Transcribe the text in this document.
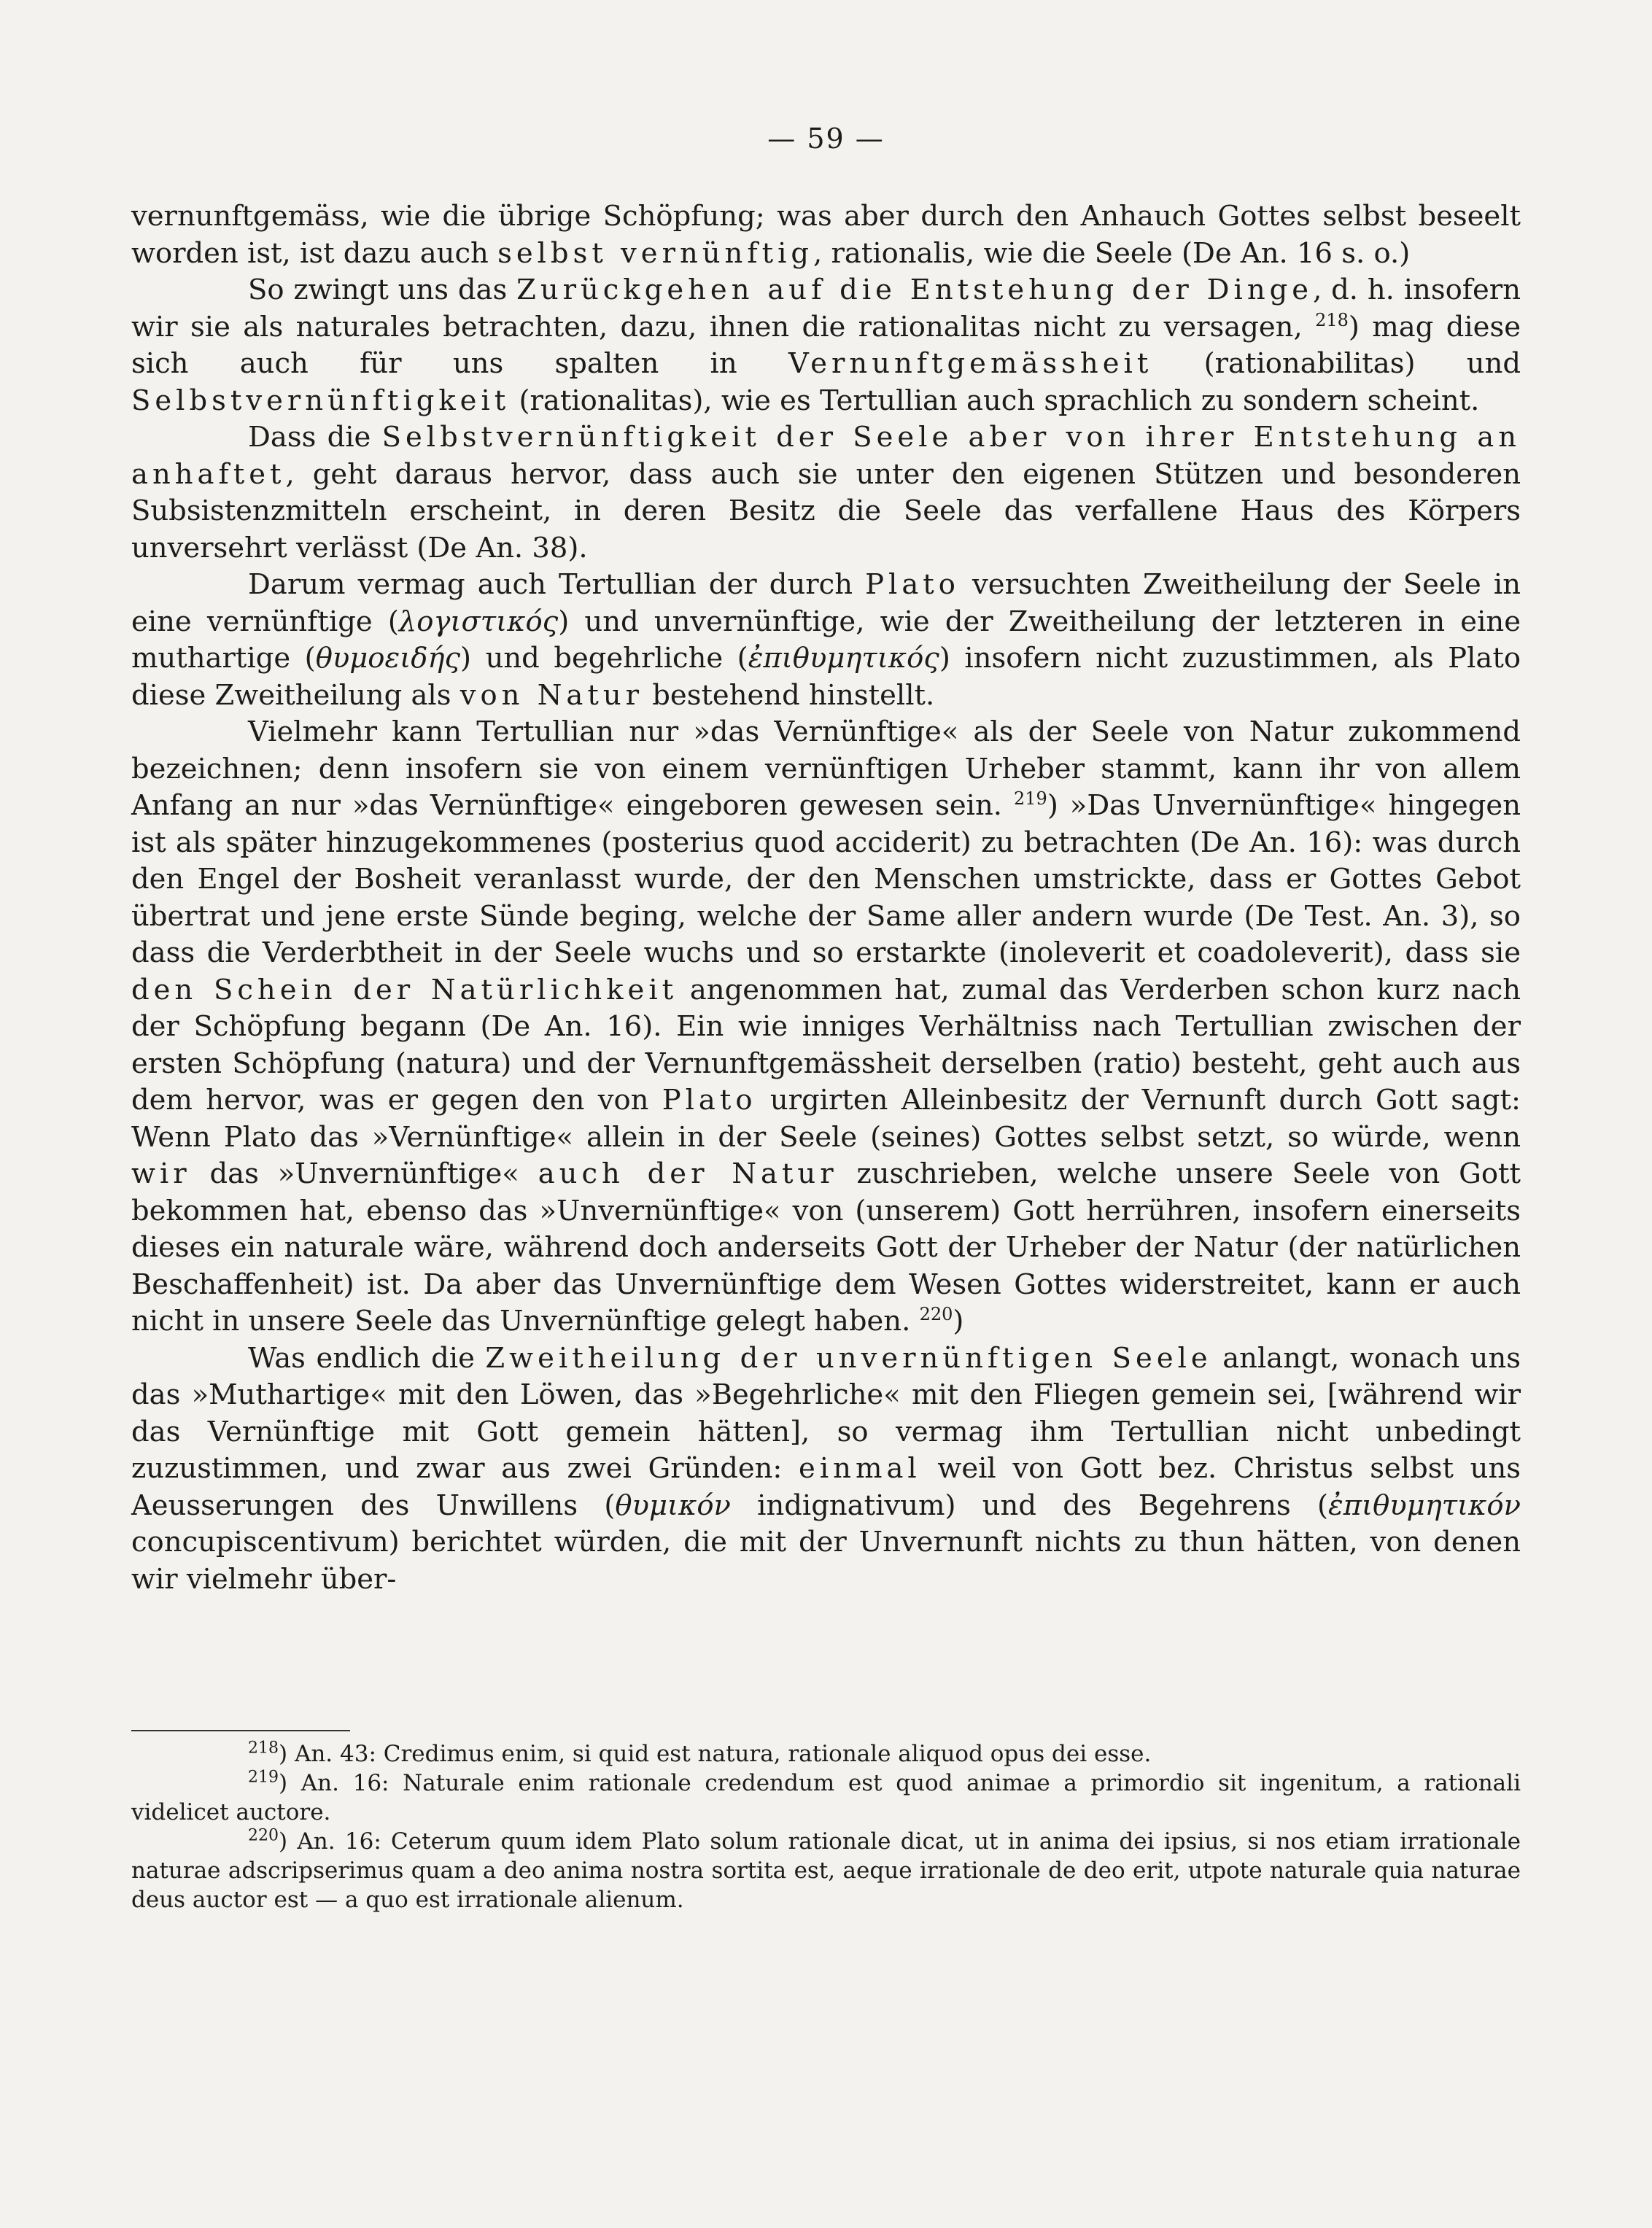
— 59 —

vernunftgemäss, wie die übrige Schöpfung; was aber durch den Anhauch Gottes selbst beseelt worden ist, ist dazu auch selbst vernünftig, rationalis, wie die Seele (De An. 16 s. o.)

So zwingt uns das Zurückgehen auf die Entstehung der Dinge, d. h. insofern wir sie als naturales betrachten, dazu, ihnen die rationalitas nicht zu versagen, $^{218}$) mag diese sich auch für uns spalten in Vernunftgemässheit (rationabilitas) und Selbstvernünftigkeit (rationalitas), wie es Tertullian auch sprachlich zu sondern scheint.

Dass die Selbstvernünftigkeit der Seele aber von ihrer Entstehung an anhaftet, geht daraus hervor, dass auch sie unter den eigenen Stützen und besonderen Subsistenzmitteln erscheint, in deren Besitz die Seele das verfallene Haus des Körpers unversehrt verlässt (De An. 38).

Darum vermag auch Tertullian der durch Plato versuchten Zweitheilung der Seele in eine vernünftige (λογιστικός) und unvernünftige, wie der Zweitheilung der letzteren in eine muthartige (θυμοειδής) und begehrliche (ἐπιθυμητικός) insofern nicht zuzustimmen, als Plato diese Zweitheilung als von Natur bestehend hinstellt.

Vielmehr kann Tertullian nur »das Vernünftige« als der Seele von Natur zukommend bezeichnen; denn insofern sie von einem vernünftigen Urheber stammt, kann ihr von allem Anfang an nur »das Vernünftige« eingeboren gewesen sein. $^{219}$) »Das Unvernünftige« hingegen ist als später hinzugekommenes (posterius quod acciderit) zu betrachten (De An. 16): was durch den Engel der Bosheit veranlasst wurde, der den Menschen umstrickte, dass er Gottes Gebot übertrat und jene erste Sünde beging, welche der Same aller andern wurde (De Test. An. 3), so dass die Verderbtheit in der Seele wuchs und so erstarkte (inoleverit et coadoleverit), dass sie den Schein der Natürlichkeit angenommen hat, zumal das Verderben schon kurz nach der Schöpfung begann (De An. 16). Ein wie inniges Verhältniss nach Tertullian zwischen der ersten Schöpfung (natura) und der Vernunftgemässheit derselben (ratio) besteht, geht auch aus dem hervor, was er gegen den von Plato urgirten Alleinbesitz der Vernunft durch Gott sagt: Wenn Plato das »Vernünftige« allein in der Seele (seines) Gottes selbst setzt, so würde, wenn wir das »Unvernünftige« auch der Natur zuschrieben, welche unsere Seele von Gott bekommen hat, ebenso das »Unvernünftige« von (unserem) Gott herrühren, insofern einerseits dieses ein naturale wäre, während doch anderseits Gott der Urheber der Natur (der natürlichen Beschaffenheit) ist. Da aber das Unvernünftige dem Wesen Gottes widerstreitet, kann er auch nicht in unsere Seele das Unvernünftige gelegt haben. $^{220}$)

Was endlich die Zweitheilung der unvernünftigen Seele anlangt, wonach uns das »Muthartige« mit den Löwen, das »Begehrliche« mit den Fliegen gemein sei, [während wir das Vernünftige mit Gott gemein hätten], so vermag ihm Tertullian nicht unbedingt zuzustimmen, und zwar aus zwei Gründen: einmal weil von Gott bez. Christus selbst uns Aeusserungen des Unwillens (θυμικόν indignativum) und des Begehrens (ἐπιθυμητικόν concupiscentivum) berichtet würden, die mit der Unvernunft nichts zu thun hätten, von denen wir vielmehr über-

$^{218}$) An. 43: Credimus enim, si quid est natura, rationale aliquod opus dei esse.

$^{219}$) An. 16: Naturale enim rationale credendum est quod animae a primordio sit ingenitum, a rationali videlicet auctore.

$^{220}$) An. 16: Ceterum quum idem Plato solum rationale dicat, ut in anima dei ipsius, si nos etiam irrationale naturae adscripserimus quam a deo anima nostra sortita est, aeque irrationale de deo erit, utpote naturale quia naturae deus auctor est — a quo est irrationale alienum.
